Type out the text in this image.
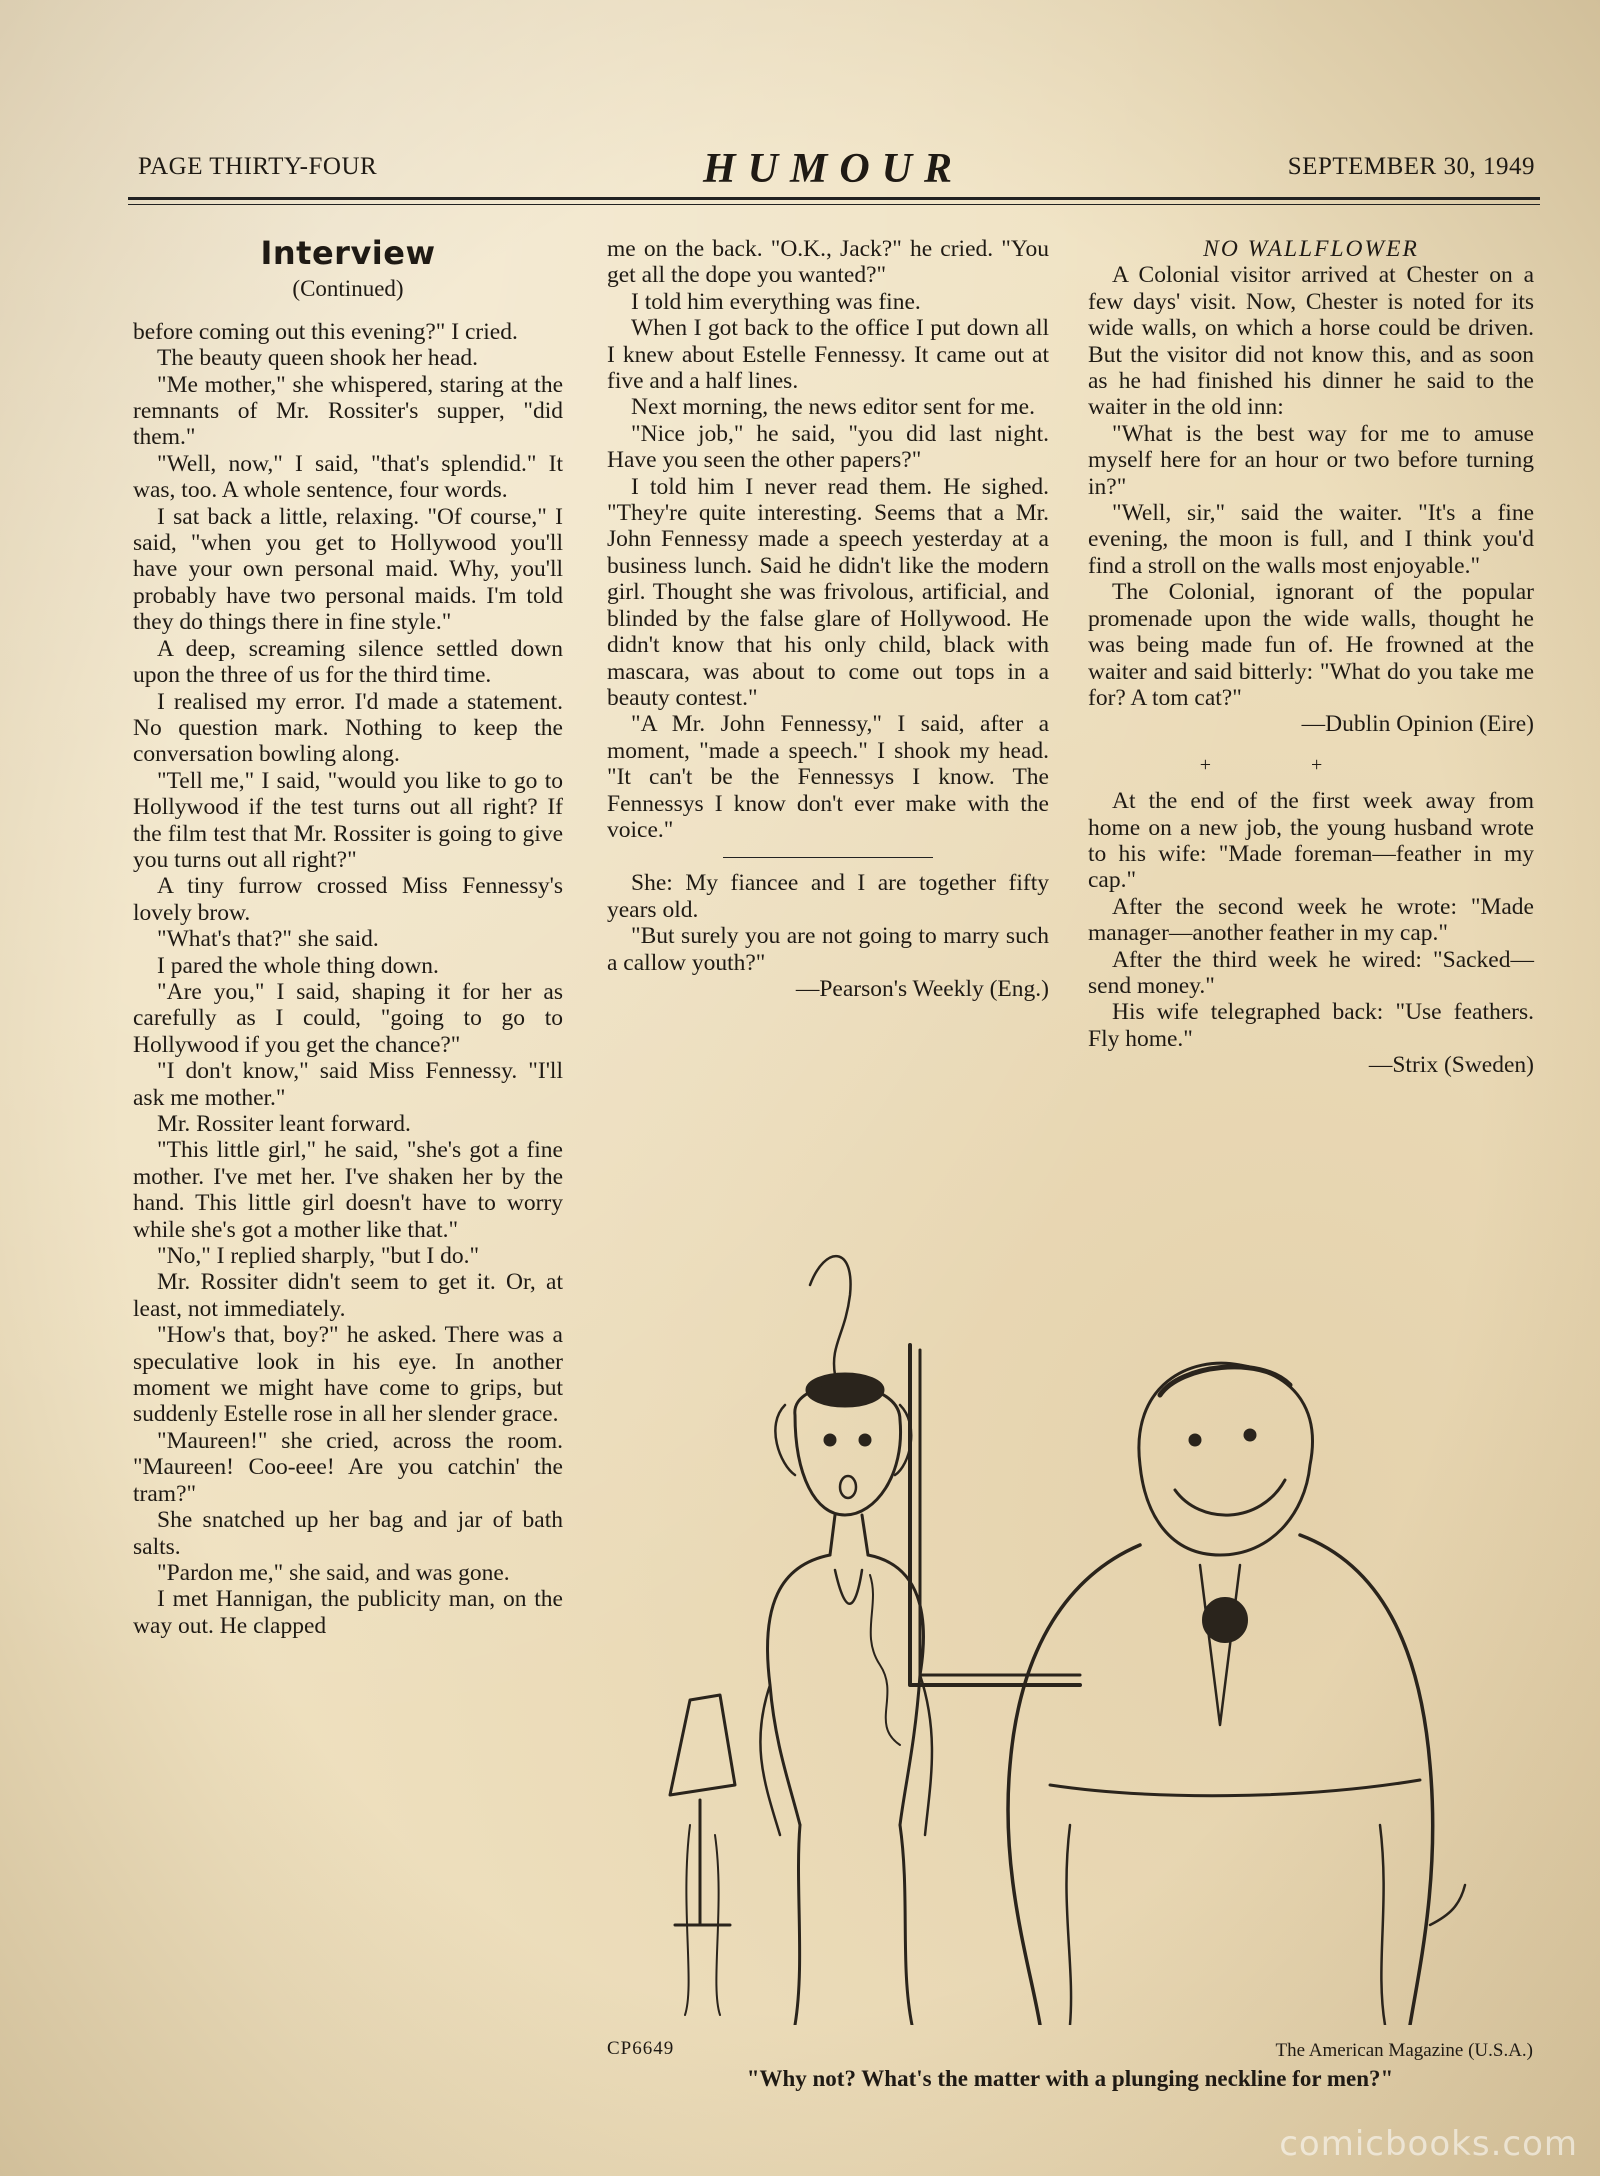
PAGE THIRTY-FOUR	HUMOUR	SEPTEMBER 30, 1949
Interview
(Continued)

before coming out this evening?" I cried.

The beauty queen shook her head.

"Me mother," she whispered, staring at the remnants of Mr. Rossiter's supper, "did them."

"Well, now," I said, "that's splendid." It was, too. A whole sentence, four words.

I sat back a little, relaxing. "Of course," I said, "when you get to Hollywood you'll have your own personal maid. Why, you'll probably have two personal maids. I'm told they do things there in fine style."

A deep, screaming silence settled down upon the three of us for the third time.

I realised my error. I'd made a statement. No question mark. Nothing to keep the conversation bowling along.

"Tell me," I said, "would you like to go to Hollywood if the test turns out all right? If the film test that Mr. Rossiter is going to give you turns out all right?"

A tiny furrow crossed Miss Fennessy's lovely brow.

"What's that?" she said.

I pared the whole thing down.

"Are you," I said, shaping it for her as carefully as I could, "going to go to Hollywood if you get the chance?"

"I don't know," said Miss Fennessy. "I'll ask me mother."

Mr. Rossiter leant forward.

"This little girl," he said, "she's got a fine mother. I've met her. I've shaken her by the hand. This little girl doesn't have to worry while she's got a mother like that."

"No," I replied sharply, "but I do."

Mr. Rossiter didn't seem to get it. Or, at least, not immediately.

"How's that, boy?" he asked. There was a speculative look in his eye. In another moment we might have come to grips, but suddenly Estelle rose in all her slender grace.

"Maureen!" she cried, across the room. "Maureen! Coo-eee! Are you catchin' the tram?"

She snatched up her bag and jar of bath salts.

"Pardon me," she said, and was gone.

I met Hannigan, the publicity man, on the way out. He clapped

me on the back. "O.K., Jack?" he cried. "You get all the dope you wanted?"

I told him everything was fine.

When I got back to the office I put down all I knew about Estelle Fennessy. It came out at five and a half lines.

Next morning, the news editor sent for me.

"Nice job," he said, "you did last night. Have you seen the other papers?"

I told him I never read them. He sighed. "They're quite interesting. Seems that a Mr. John Fennessy made a speech yesterday at a business lunch. Said he didn't like the modern girl. Thought she was frivolous, artificial, and blinded by the false glare of Hollywood. He didn't know that his only child, black with mascara, was about to come out tops in a beauty contest."

"A Mr. John Fennessy," I said, after a moment, "made a speech." I shook my head. "It can't be the Fennessys I know. The Fennessys I know don't ever make with the voice."

She: My fiancee and I are together fifty years old.

"But surely you are not going to marry such a callow youth?"

—Pearson's Weekly (Eng.)
NO WALLFLOWER

A Colonial visitor arrived at Chester on a few days' visit. Now, Chester is noted for its wide walls, on which a horse could be driven. But the visitor did not know this, and as soon as he had finished his dinner he said to the waiter in the old inn:

"What is the best way for me to amuse myself here for an hour or two before turning in?"

"Well, sir," said the waiter. "It's a fine evening, the moon is full, and I think you'd find a stroll on the walls most enjoyable."

The Colonial, ignorant of the popular promenade upon the wide walls, thought he was being made fun of. He frowned at the waiter and said bitterly: "What do you take me for? A tom cat?"

—Dublin Opinion (Eire)
++

At the end of the first week away from home on a new job, the young husband wrote to his wife: "Made foreman—feather in my cap."

After the second week he wrote: "Made manager—another feather in my cap."

After the third week he wired: "Sacked—send money."

His wife telegraphed back: "Use feathers. Fly home."

—Strix (Sweden)
CP6649	The American Magazine (U.S.A.)
"Why not? What's the matter with a plunging neckline for men?"
comicbooks.com
